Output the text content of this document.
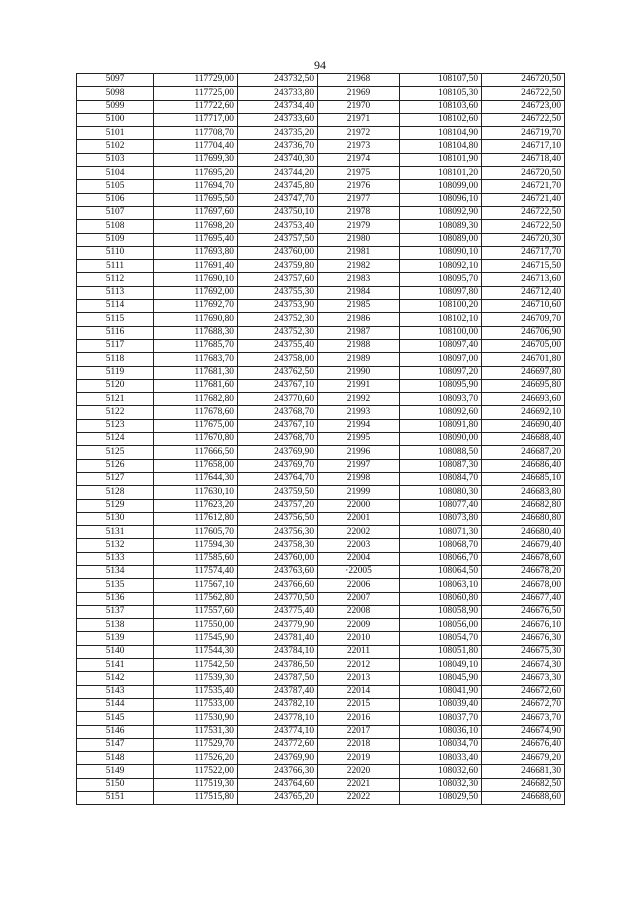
94
5097	117729,00	243732,50	21968	108107,50	246720,50
5098	117725,00	243733,80	21969	108105,30	246722,50
5099	117722,60	243734,40	21970	108103,60	246723,00
5100	117717,00	243733,60	21971	108102,60	246722,50
5101	117708,70	243735,20	21972	108104,90	246719,70
5102	117704,40	243736,70	21973	108104,80	246717,10
5103	117699,30	243740,30	21974	108101,90	246718,40
5104	117695,20	243744,20	21975	108101,20	246720,50
5105	117694,70	243745,80	21976	108099,00	246721,70
5106	117695,50	243747,70	21977	108096,10	246721,40
5107	117697,60	243750,10	21978	108092,90	246722,50
5108	117698,20	243753,40	21979	108089,30	246722,50
5109	117695,40	243757,50	21980	108089,00	246720,30
5110	117693,80	243760,00	21981	108090,10	246717,70
5111	117691,40	243759,80	21982	108092,10	246715,50
5112	117690,10	243757,60	21983	108095,70	246713,60
5113	117692,00	243755,30	21984	108097,80	246712,40
5114	117692,70	243753,90	21985	108100,20	246710,60
5115	117690,80	243752,30	21986	108102,10	246709,70
5116	117688,30	243752,30	21987	108100,00	246706,90
5117	117685,70	243755,40	21988	108097,40	246705,00
5118	117683,70	243758,00	21989	108097,00	246701,80
5119	117681,30	243762,50	21990	108097,20	246697,80
5120	117681,60	243767,10	21991	108095,90	246695,80
5121	117682,80	243770,60	21992	108093,70	246693,60
5122	117678,60	243768,70	21993	108092,60	246692,10
5123	117675,00	243767,10	21994	108091,80	246690,40
5124	117670,80	243768,70	21995	108090,00	246688,40
5125	117666,50	243769,90	21996	108088,50	246687,20
5126	117658,00	243769,70	21997	108087,30	246686,40
5127	117644,30	243764,70	21998	108084,70	246685,10
5128	117630,10	243759,50	21999	108080,30	246683,80
5129	117623,20	243757,20	22000	108077,40	246682,80
5130	117612,80	243756,50	22001	108073,80	246680,80
5131	117605,70	243756,30	22002	108071,30	246680,40
5132	117594,30	243758,30	22003	108068,70	246679,40
5133	117585,60	243760,00	22004	108066,70	246678,60
5134	117574,40	243763,60	·22005	108064,50	246678,20
5135	117567,10	243766,60	22006	108063,10	246678,00
5136	117562,80	243770,50	22007	108060,80	246677,40
5137	117557,60	243775,40	22008	108058,90	246676,50
5138	117550,00	243779,90	22009	108056,00	246676,10
5139	117545,90	243781,40	22010	108054,70	246676,30
5140	117544,30	243784,10	22011	108051,80	246675,30
5141	117542,50	243786,50	22012	108049,10	246674,30
5142	117539,30	243787,50	22013	108045,90	246673,30
5143	117535,40	243787,40	22014	108041,90	246672,60
5144	117533,00	243782,10	22015	108039,40	246672,70
5145	117530,90	243778,10	22016	108037,70	246673,70
5146	117531,30	243774,10	22017	108036,10	246674,90
5147	117529,70	243772,60	22018	108034,70	246676,40
5148	117526,20	243769,90	22019	108033,40	246679,20
5149	117522,00	243766,30	22020	108032,60	246681,30
5150	117519,30	243764,60	22021	108032,30	246682,50
5151	117515,80	243765,20	22022	108029,50	246688,60
